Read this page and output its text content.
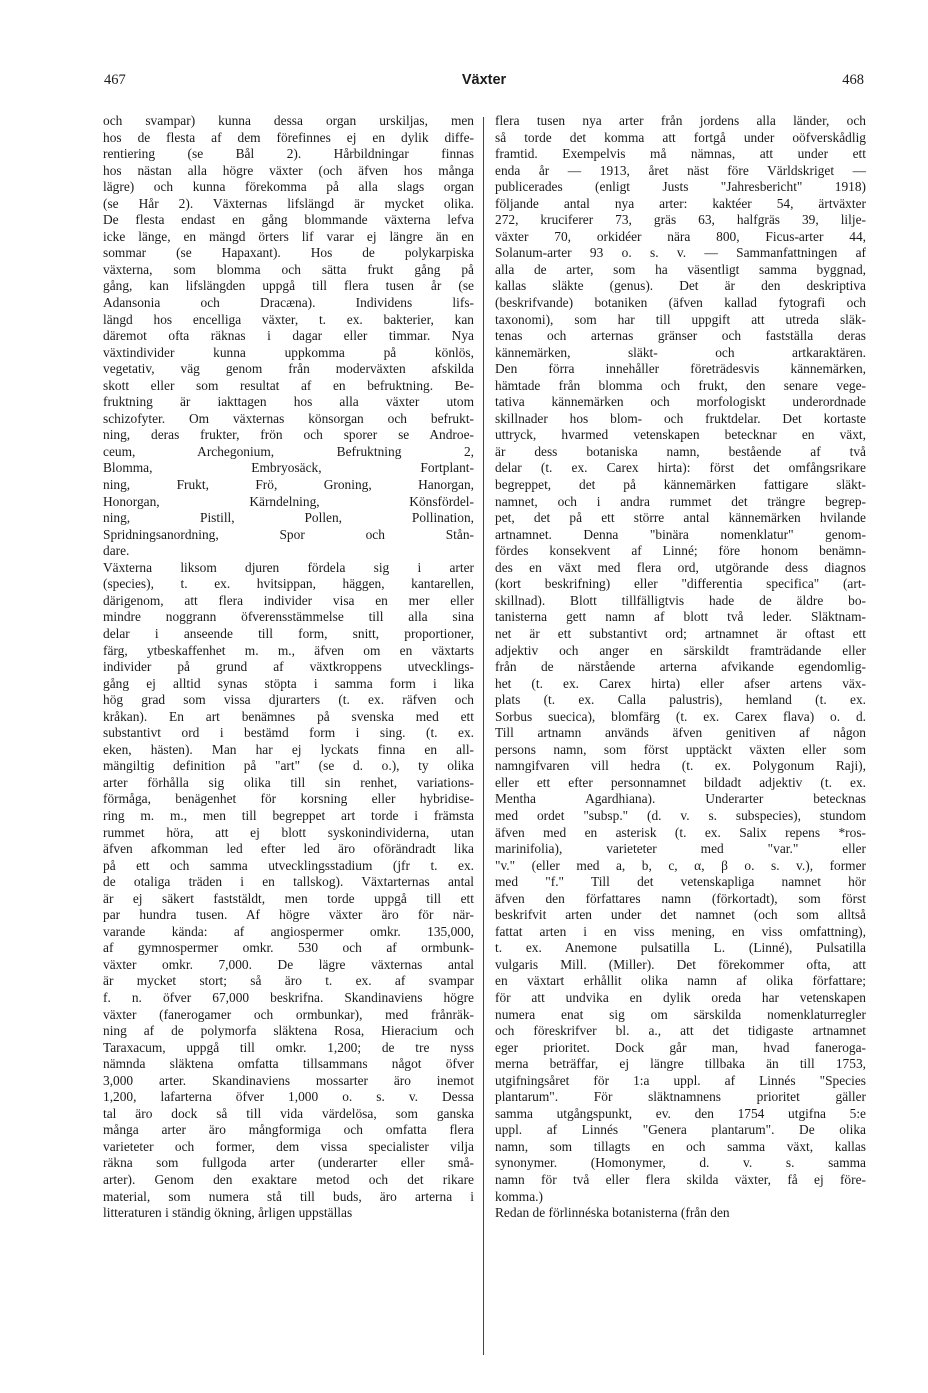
467	Växter	468
och svampar) kunna dessa organ urskiljas, men
hos de flesta af dem förefinnes ej en dylik diffe-
rentiering (se Bål 2). Hårbildningar finnas
hos nästan alla högre växter (och äfven hos många
lägre) och kunna förekomma på alla slags organ
(se Hår 2). Växternas lifslängd är mycket olika.
De flesta endast en gång blommande växterna lefva
icke länge, en mängd örters lif varar ej längre än en
sommar (se Hapaxant). Hos de polykarpiska
växterna, som blomma och sätta frukt gång på
gång, kan lifslängden uppgå till flera tusen år (se
Adansonia och Dracæna). Individens lifs-
längd hos encelliga växter, t. ex. bakterier, kan
däremot ofta räknas i dagar eller timmar. Nya
växtindivider kunna uppkomma på könlös,
vegetativ, väg genom från moderväxten afskilda
skott eller som resultat af en befruktning. Be-
fruktning är iakttagen hos alla växter utom
schizofyter. Om växternas könsorgan och befrukt-
ning, deras frukter, frön och sporer se Androe-
ceum, Archegonium, Befruktning 2,
Blomma, Embryosäck, Fortplant-
ning, Frukt, Frö, Groning, Hanorgan,
Honorgan, Kärndelning, Könsfördel-
ning, Pistill, Pollen, Pollination,
Spridningsanordning, Spor och Stån-
dare.
Växterna liksom djuren fördela sig i arter
(species), t. ex. hvitsippan, häggen, kantarellen,
därigenom, att flera individer visa en mer eller
mindre noggrann öfverensstämmelse till alla sina
delar i anseende till form, snitt, proportioner,
färg, ytbeskaffenhet m. m., äfven om en växtarts
individer på grund af växtkroppens utvecklings-
gång ej alltid synas stöpta i samma form i lika
hög grad som vissa djurarters (t. ex. räfven och
kråkan). En art benämnes på svenska med ett
substantivt ord i bestämd form i sing. (t. ex.
eken, hästen). Man har ej lyckats finna en all-
mängiltig definition på "art" (se d. o.), ty olika
arter förhålla sig olika till sin renhet, variations-
förmåga, benägenhet för korsning eller hybridise-
ring m. m., men till begreppet art torde i främsta
rummet höra, att ej blott syskonindividerna, utan
äfven afkomman led efter led äro oförändradt lika
på ett och samma utvecklingsstadium (jfr t. ex.
de otaliga träden i en tallskog). Växtarternas antal
är ej säkert faststäldt, men torde uppgå till ett
par hundra tusen. Af högre växter äro för när-
varande kända: af angiospermer omkr. 135,000,
af gymnospermer omkr. 530 och af ormbunk-
växter omkr. 7,000. De lägre växternas antal
är mycket stort; så äro t. ex. af svampar
f. n. öfver 67,000 beskrifna. Skandinaviens högre
växter (fanerogamer och ormbunkar), med frånräk-
ning af de polymorfa släktena Rosa, Hieracium och
Taraxacum, uppgå till omkr. 1,200; de tre nyss
nämnda släktena omfatta tillsammans något öfver
3,000 arter. Skandinaviens mossarter äro inemot
1,200, lafarterna öfver 1,000 o. s. v. Dessa
tal äro dock så till vida värdelösa, som ganska
många arter äro mångformiga och omfatta flera
varieteter och former, dem vissa specialister vilja
räkna som fullgoda arter (underarter eller små-
arter). Genom den exaktare metod och det rikare
material, som numera stå till buds, äro arterna i
litteraturen i ständig ökning, årligen uppställas
flera tusen nya arter från jordens alla länder, och
så torde det komma att fortgå under oöfverskådlig
framtid. Exempelvis må nämnas, att under ett
enda år — 1913, året näst före Världskriget —
publicerades (enligt Justs "Jahresbericht" 1918)
följande antal nya arter: kaktéer 54, ärtväxter
272, kruciferer 73, gräs 63, halfgräs 39, lilje-
växter 70, orkidéer nära 800, Ficus-arter 44,
Solanum-arter 93 o. s. v. — Sammanfattningen af
alla de arter, som ha väsentligt samma byggnad,
kallas släkte (genus). Det är den deskriptiva
(beskrifvande) botaniken (äfven kallad fytografi och
taxonomi), som har till uppgift att utreda släk-
tenas och arternas gränser och fastställa deras
kännemärken, släkt- och artkaraktären.
Den förra innehåller företrädesvis kännemärken,
hämtade från blomma och frukt, den senare vege-
tativa kännemärken och morfologiskt underordnade
skillnader hos blom- och fruktdelar. Det kortaste
uttryck, hvarmed vetenskapen betecknar en växt,
är dess botaniska namn, bestående af två
delar (t. ex. Carex hirta): först det omfångsrikare
begreppet, det på kännemärken fattigare släkt-
namnet, och i andra rummet det trängre begrep-
pet, det på ett större antal kännemärken hvilande
artnamnet. Denna "binära nomenklatur" genom-
fördes konsekvent af Linné; före honom benämn-
des en växt med flera ord, utgörande dess diagnos
(kort beskrifning) eller "differentia specifica" (art-
skillnad). Blott tillfälligtvis hade de äldre bo-
tanisterna gett namn af blott två leder. Släktnam-
net är ett substantivt ord; artnamnet är oftast ett
adjektiv och anger en särskildt framträdande eller
från de närstående arterna afvikande egendomlig-
het (t. ex. Carex hirta) eller afser artens väx-
plats (t. ex. Calla palustris), hemland (t. ex.
Sorbus suecica), blomfärg (t. ex. Carex flava) o. d.
Till artnamn används äfven genitiven af någon
persons namn, som först upptäckt växten eller som
namngifvaren vill hedra (t. ex. Polygonum Raji),
eller ett efter personnamnet bildadt adjektiv (t. ex.
Mentha Agardhiana). Underarter betecknas
med ordet "subsp." (d. v. s. subspecies), stundom
äfven med en asterisk (t. ex. Salix repens *ros-
marinifolia), varieteter med "var." eller
"v." (eller med a, b, c, α, β o. s. v.), former
med "f." Till det vetenskapliga namnet hör
äfven den författares namn (förkortadt), som först
beskrifvit arten under det namnet (och som alltså
fattat arten i en viss mening, en viss omfattning),
t. ex. Anemone pulsatilla L. (Linné), Pulsatilla
vulgaris Mill. (Miller). Det förekommer ofta, att
en växtart erhållit olika namn af olika författare;
för att undvika en dylik oreda har vetenskapen
numera enat sig om särskilda nomenklaturregler
och föreskrifver bl. a., att det tidigaste artnamnet
eger prioritet. Dock går man, hvad fanerogа-
merna beträffar, ej längre tillbaka än till 1753,
utgifningsåret för 1:a uppl. af Linnés "Species
plantarum". För släktnamnens prioritet gäller
samma utgångspunkt, ev. den 1754 utgifna 5:e
uppl. af Linnés "Genera plantarum". De olika
namn, som tillagts en och samma växt, kallas
synonymer. (Homonymer, d. v. s. samma
namn för två eller flera skilda växter, få ej före-
komma.)
Redan de förlinnéska botanisterna (från den
